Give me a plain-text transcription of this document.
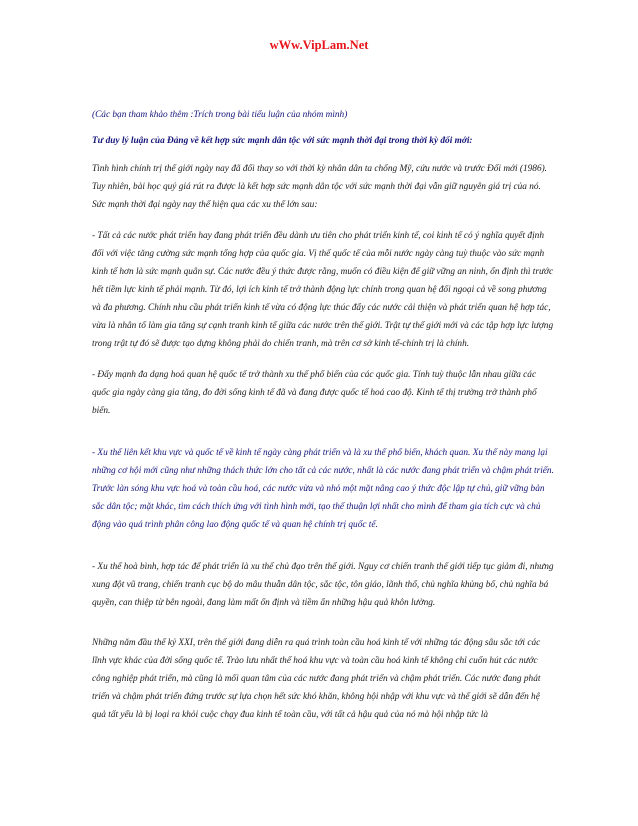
wWw.VipLam.Net

(Các bạn tham khảo thêm :Trích trong bài tiểu luận của nhóm mình)

Tư duy lý luận của Đảng về kết hợp sức mạnh dân tộc với sức mạnh thời đại trong thời kỳ đổi mới:

Tình hình chính trị thế giới ngày nay đã đổi thay so với thời kỳ nhân dân ta chống Mỹ, cứu nước và trước Đổi mới (1986). Tuy nhiên, bài học quý giá rút ra được là kết hợp sức mạnh dân tộc với sức mạnh thời đại vẫn giữ nguyên giá trị của nó. Sức mạnh thời đại ngày nay thể hiện qua các xu thế lớn sau:

- Tất cả các nước phát triển hay đang phát triển đều dành ưu tiên cho phát triển kinh tế, coi kinh tế có ý nghĩa quyết định đối với việc tăng cường sức mạnh tổng hợp của quốc gia. Vị thế quốc tế của mỗi nước ngày càng tuỳ thuộc vào sức mạnh kinh tế hơn là sức mạnh quân sự. Các nước đều ý thức được rằng, muốn có điều kiện để giữ vững an ninh, ổn định thì trước hết tiềm lực kinh tế phải mạnh. Từ đó, lợi ích kinh tế trở thành động lực chính trong quan hệ đối ngoại cả về song phương và đa phương. Chính nhu cầu phát triển kinh tế vừa có động lực thúc đẩy các nước cải thiện và phát triển quan hệ hợp tác, vừa là nhân tố làm gia tăng sự cạnh tranh kinh tế giữa các nước trên thế giới. Trật tự thế giới mới và các tập hợp lực lượng trong trật tự đó sẽ được tạo dựng không phải do chiến tranh, mà trên cơ sở kinh tế-chính trị là chính.

- Đẩy mạnh đa dạng hoá quan hệ quốc tế trở thành xu thế phổ biến của các quốc gia. Tính tuỳ thuộc lẫn nhau giữa các quốc gia ngày càng gia tăng, đo đời sống kinh tế đã và đang được quốc tế hoá cao độ. Kinh tế thị trường trở thành phổ biến.

- Xu thế liên kết khu vực và quốc tế về kinh tế ngày càng phát triển và là xu thế phổ biến, khách quan. Xu thế này mang lại những cơ hội mới cũng như những thách thức lớn cho tất cả các nước, nhất là các nước đang phát triển và chậm phát triển. Trước làn sóng khu vực hoá và toàn cầu hoá, các nước vừa và nhỏ một mặt nâng cao ý thức độc lập tự chủ, giữ vững bản sắc dân tộc; mặt khác, tìm cách thích ứng với tình hình mới, tạo thế thuận lợi nhất cho mình để tham gia tích cực và chủ động vào quá trình phân công lao động quốc tế và quan hệ chính trị quốc tế.

- Xu thế hoà bình, hợp tác để phát triển là xu thế chủ đạo trên thế giới. Nguy cơ chiến tranh thế giới tiếp tục giảm đi, nhưng xung đột vũ trang, chiến tranh cục bộ do mâu thuẫn dân tộc, sắc tộc, tôn giáo, lãnh thổ, chủ nghĩa khủng bố, chủ nghĩa bá quyền, can thiệp từ bên ngoài, đang làm mất ổn định và tiềm ẩn những hậu quả khôn lường.

Những năm đầu thế kỷ XXI, trên thế giới đang diễn ra quá trình toàn cầu hoá kinh tế với những tác động sâu sắc tới các lĩnh vực khác của đời sống quốc tế. Trào lưu nhất thể hoá khu vực và toàn cầu hoá kinh tế không chỉ cuốn hút các nước công nghiệp phát triển, mà cũng là mối quan tâm của các nước đang phát triển và chậm phát triển. Các nước đang phát triển và chậm phát triển đứng trước sự lựa chọn hết sức khó khăn, không hội nhập với khu vực và thế giới sẽ dẫn đến hệ quả tất yếu là bị loại ra khỏi cuộc chạy đua kinh tế toàn cầu, với tất cả hậu quả của nó mà hội nhập tức là
